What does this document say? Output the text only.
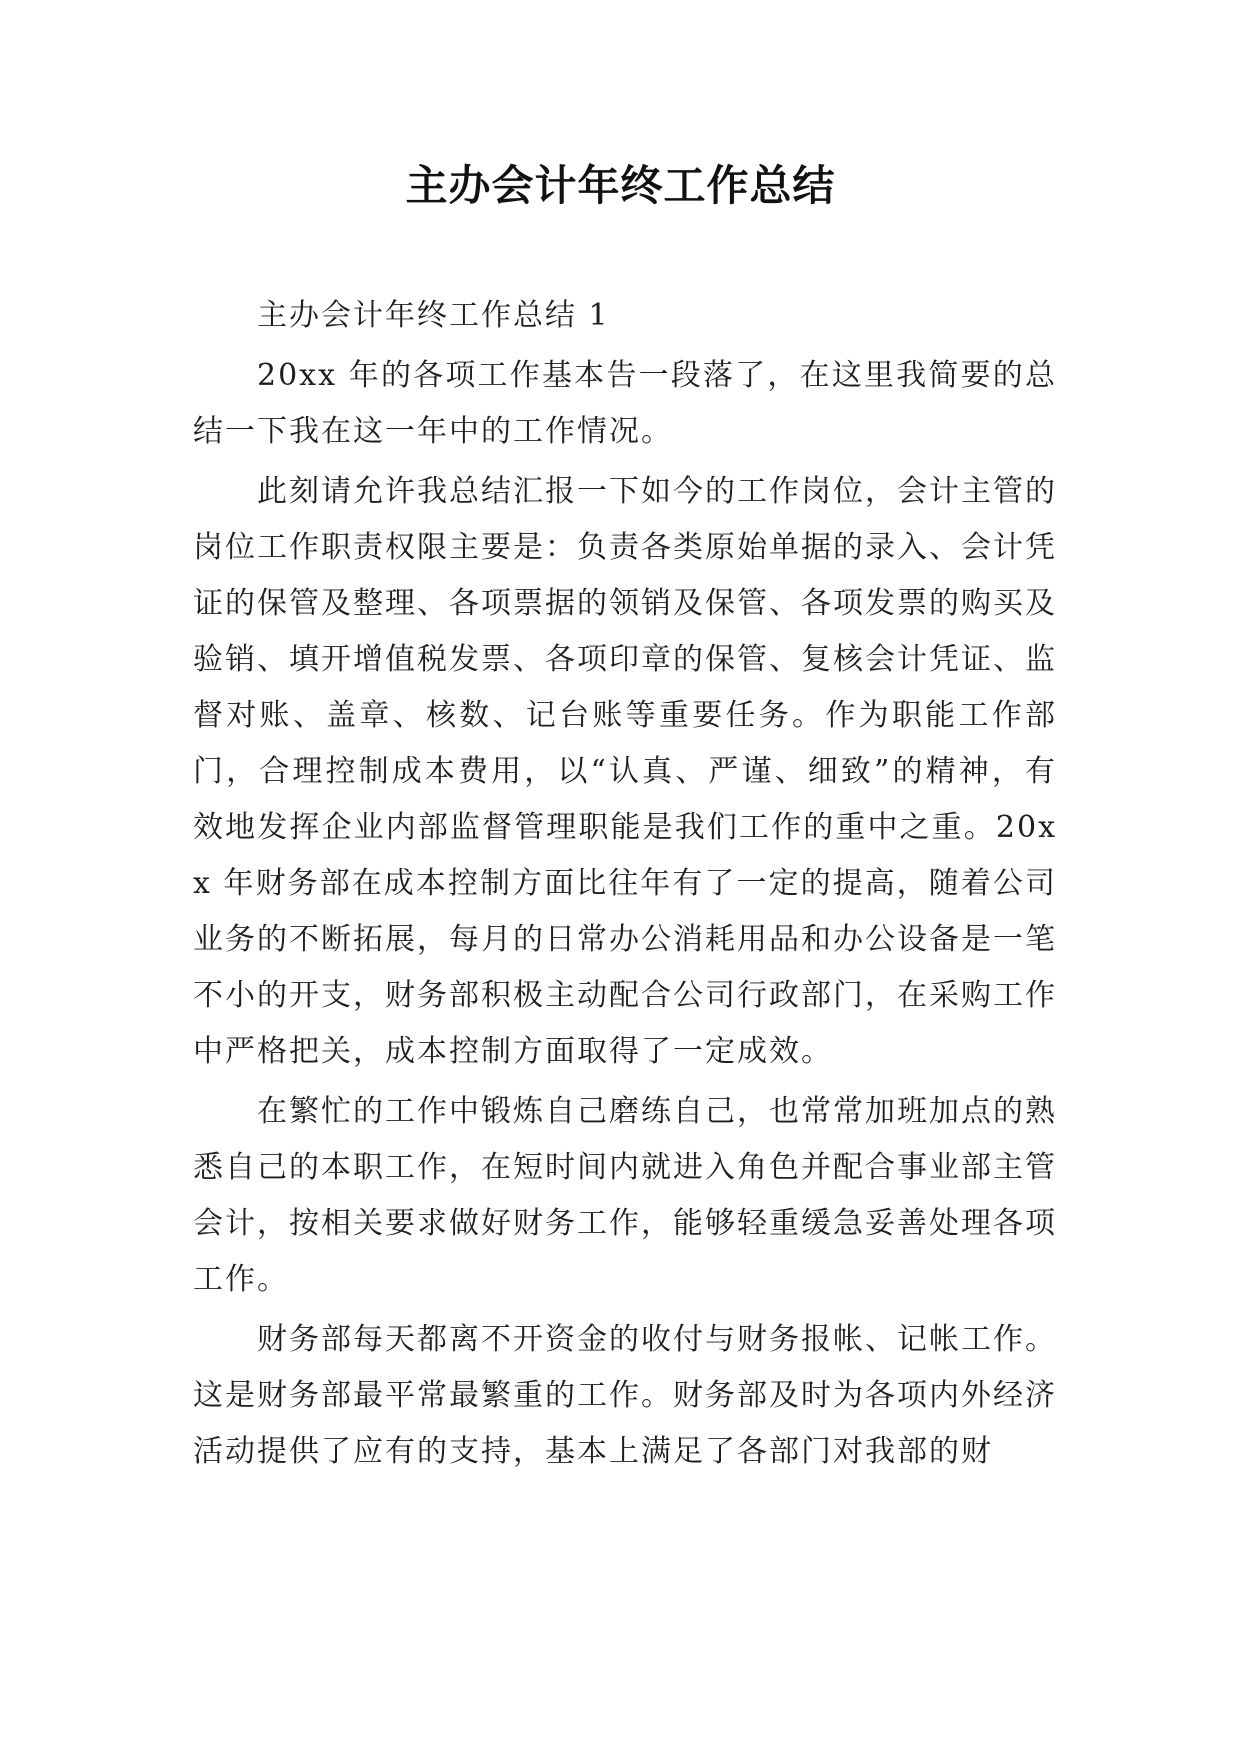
主办会计年终工作总结

主办会计年终工作总结 1

20xx 年的各项工作基本告一段落了，在这里我简要的总结一下我在这一年中的工作情况。

此刻请允许我总结汇报一下如今的工作岗位，会计主管的岗位工作职责权限主要是：负责各类原始单据的录入、会计凭证的保管及整理、各项票据的领销及保管、各项发票的购买及验销、填开增值税发票、各项印章的保管、复核会计凭证、监督对账、盖章、核数、记台账等重要任务。作为职能工作部门，合理控制成本费用，以“认真、严谨、细致”的精神，有效地发挥企业内部监督管理职能是我们工作的重中之重。20xx 年财务部在成本控制方面比往年有了一定的提高，随着公司业务的不断拓展，每月的日常办公消耗用品和办公设备是一笔不小的开支，财务部积极主动配合公司行政部门，在采购工作中严格把关，成本控制方面取得了一定成效。

在繁忙的工作中锻炼自己磨练自己，也常常加班加点的熟悉自己的本职工作，在短时间内就进入角色并配合事业部主管会计，按相关要求做好财务工作，能够轻重缓急妥善处理各项工作。

财务部每天都离不开资金的收付与财务报帐、记帐工作。这是财务部最平常最繁重的工作。财务部及时为各项内外经济活动提供了应有的支持，基本上满足了各部门对我部的财
